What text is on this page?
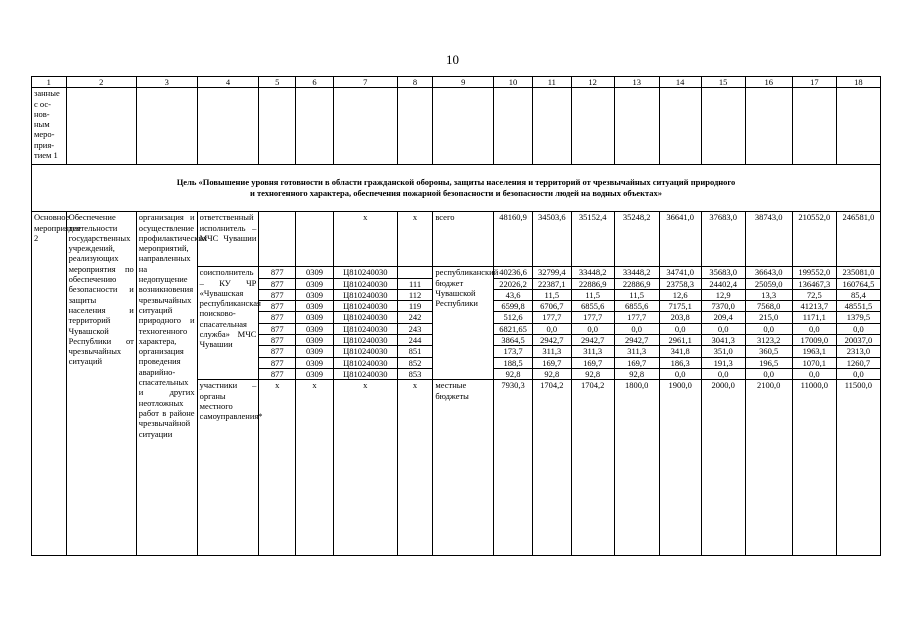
10
1	2	3	4	5	6	7	8	9	10	11	12	13	14	15	16	17	18
занные с ос-нов-ным меро-прия-тием 1																	

Цель «Повышение уровня готовности в области гражданской обороны, защиты населения и территорий от чрезвычайных ситуаций природного
и техногенного характера, обеспечения пожарной безопасности и безопасности людей на водных объектах»																	

Основное мероприятие 2	Обеспечение деятельности государственных учреждений, реализующих мероприятия по обеспечению безопасности и защиты населения и территорий Чувашской Республики от чрезвычайных ситуаций	организация и осуществление профилактических мероприятий, направленных на недопущение возникновения чрезвычайных ситуаций природного и техногенного характера, организация проведения аварийно-спасательных и других неотложных работ в районе чрезвычайной ситуации	ответственный исполнитель – МЧС Чувашии			x	x	всего	48160,9	34503,6	35152,4	35248,2	36641,0	37683,0	38743,0	210552,0	246581,0
			соисполнитель – КУ ЧР «Чувашская республиканская поисково-спасательная служба» МЧС Чувашии	877	0309	Ц810240030		республиканский бюджет Чувашской Республики	40236,6	32799,4	33448,2	33448,2	34741,0	35683,0	36643,0	199552,0	235081,0
				877	0309	Ц810240030	111		22026,2	22387,1	22886,9	22886,9	23758,3	24402,4	25059,0	136467,3	160764,5
				877	0309	Ц810240030	112		43,6	11,5	11,5	11,5	12,6	12,9	13,3	72,5	85,4
				877	0309	Ц810240030	119		6599,8	6706,7	6855,6	6855,6	7175,1	7370,0	7568,0	41213,7	48551,5
				877	0309	Ц810240030	242		512,6	177,7	177,7	177,7	203,8	209,4	215,0	1171,1	1379,5
				877	0309	Ц810240030	243		6821,65	0,0	0,0	0,0	0,0	0,0	0,0	0,0	0,0
				877	0309	Ц810240030	244		3864,5	2942,7	2942,7	2942,7	2961,1	3041,3	3123,2	17009,0	20037,0
				877	0309	Ц810240030	851		173,7	311,3	311,3	311,3	341,8	351,0	360,5	1963,1	2313,0
				877	0309	Ц810240030	852		188,5	169,7	169,7	169,7	186,3	191,3	196,5	1070,1	1260,7
				877	0309	Ц810240030	853		92,8	92,8	92,8	92,8	0,0	0,0	0,0	0,0	0,0
			участники – органы местного самоуправления*	x	x	x	x	местные бюджеты	7930,3	1704,2	1704,2	1800,0	1900,0	2000,0	2100,0	11000,0	11500,0
